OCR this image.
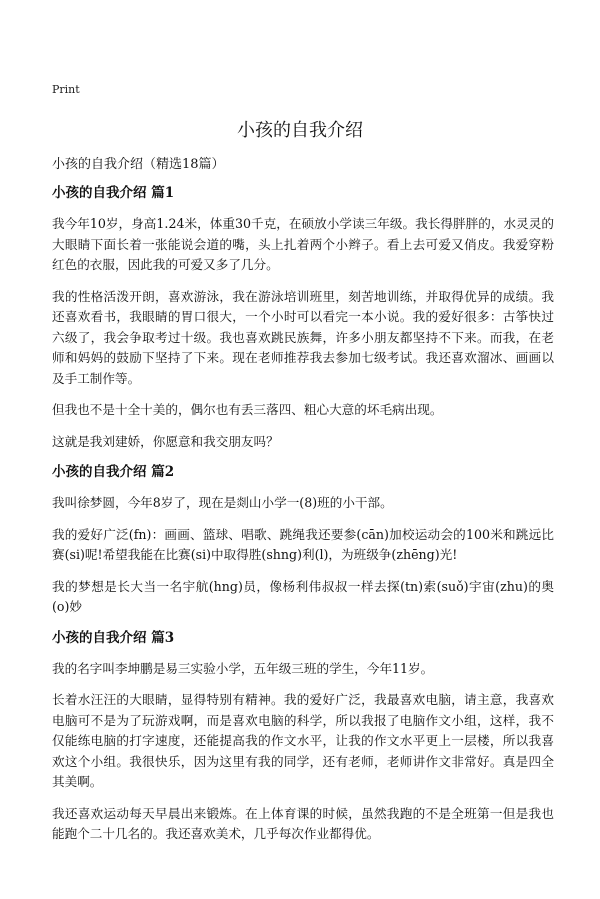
Print
小孩的自我介绍
小孩的自我介绍（精选18篇）
小孩的自我介绍 篇1

我今年10岁，身高1.24米，体重30千克，在硕放小学读三年级。我长得胖胖的，水灵灵的大眼睛下面长着一张能说会道的嘴，头上扎着两个小辫子。看上去可爱又俏皮。我爱穿粉红色的衣服，因此我的可爱又多了几分。

我的性格活泼开朗，喜欢游泳，我在游泳培训班里，刻苦地训练，并取得优异的成绩。我还喜欢看书，我眼睛的胃口很大，一个小时可以看完一本小说。我的爱好很多：古筝快过六级了，我会争取考过十级。我也喜欢跳民族舞，许多小朋友都坚持不下来。而我，在老师和妈妈的鼓励下坚持了下来。现在老师推荐我去参加七级考试。我还喜欢溜冰、画画以及手工制作等。

但我也不是十全十美的，偶尔也有丢三落四、粗心大意的坏毛病出现。

这就是我刘建娇，你愿意和我交朋友吗？

小孩的自我介绍 篇2

我叫徐梦圆，今年8岁了，现在是剡山小学一(8)班的小干部。

我的爱好广泛(fn)：画画、篮球、唱歌、跳绳我还要参(cān)加校运动会的100米和跳远比赛(si)呢!希望我能在比赛(si)中取得胜(shng)利(l)，为班级争(zhēng)光!

我的梦想是长大当一名宇航(hng)员，像杨利伟叔叔一样去探(tn)索(suǒ)宇宙(zhu)的奥(o)妙

小孩的自我介绍 篇3

我的名字叫李坤鹏是易三实验小学，五年级三班的学生，今年11岁。

长着水汪汪的大眼睛，显得特别有精神。我的爱好广泛，我最喜欢电脑，请主意，我喜欢电脑可不是为了玩游戏啊，而是喜欢电脑的科学，所以我报了电脑作文小组，这样，我不仅能练电脑的打字速度，还能提高我的作文水平，让我的作文水平更上一层楼，所以我喜欢这个小组。我很快乐，因为这里有我的同学，还有老师，老师讲作文非常好。真是四全其美啊。

我还喜欢运动每天早晨出来锻炼。在上体育课的时候，虽然我跑的不是全班第一但是我也能跑个二十几名的。我还喜欢美术，几乎每次作业都得优。
